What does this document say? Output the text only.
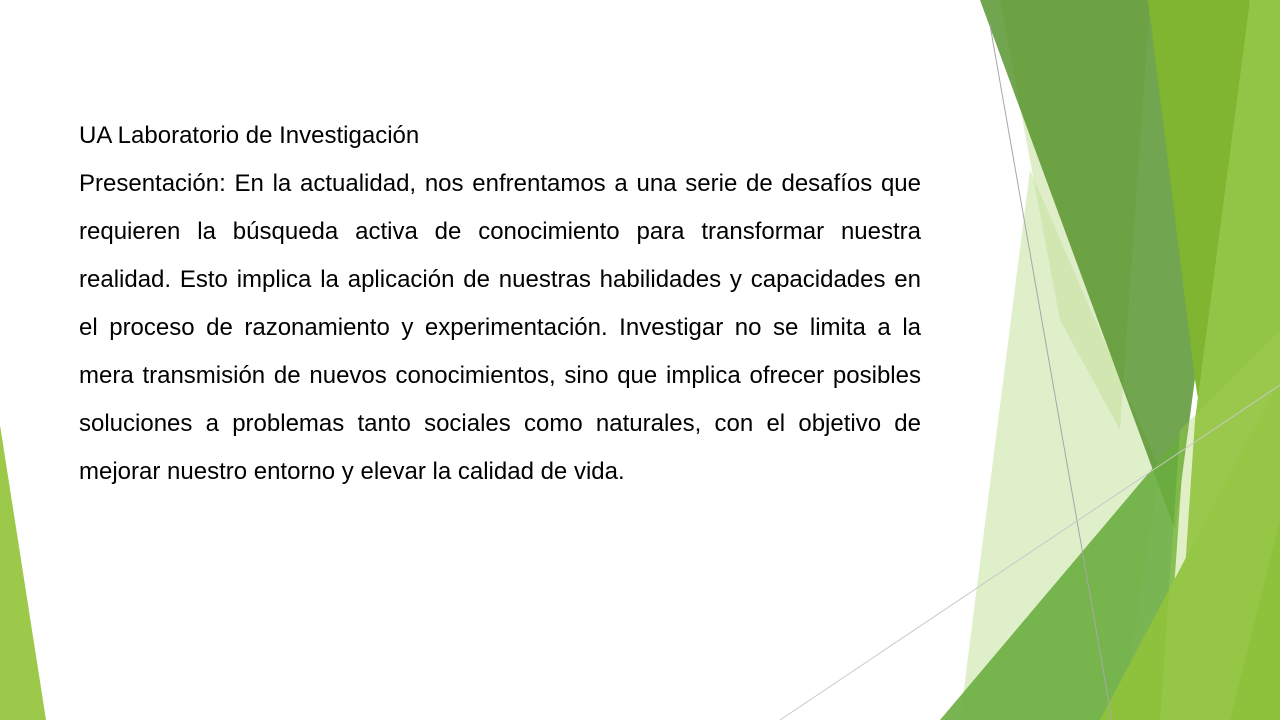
UA Laboratorio de Investigación

Presentación: En la actualidad, nos enfrentamos a una serie de desafíos que requieren la búsqueda activa de conocimiento para transformar nuestra realidad. Esto implica la aplicación de nuestras habilidades y capacidades en el proceso de razonamiento y experimentación. Investigar no se limita a la mera transmisión de nuevos conocimientos, sino que implica ofrecer posibles soluciones a problemas tanto sociales como naturales, con el objetivo de mejorar nuestro entorno y elevar la calidad de vida.
